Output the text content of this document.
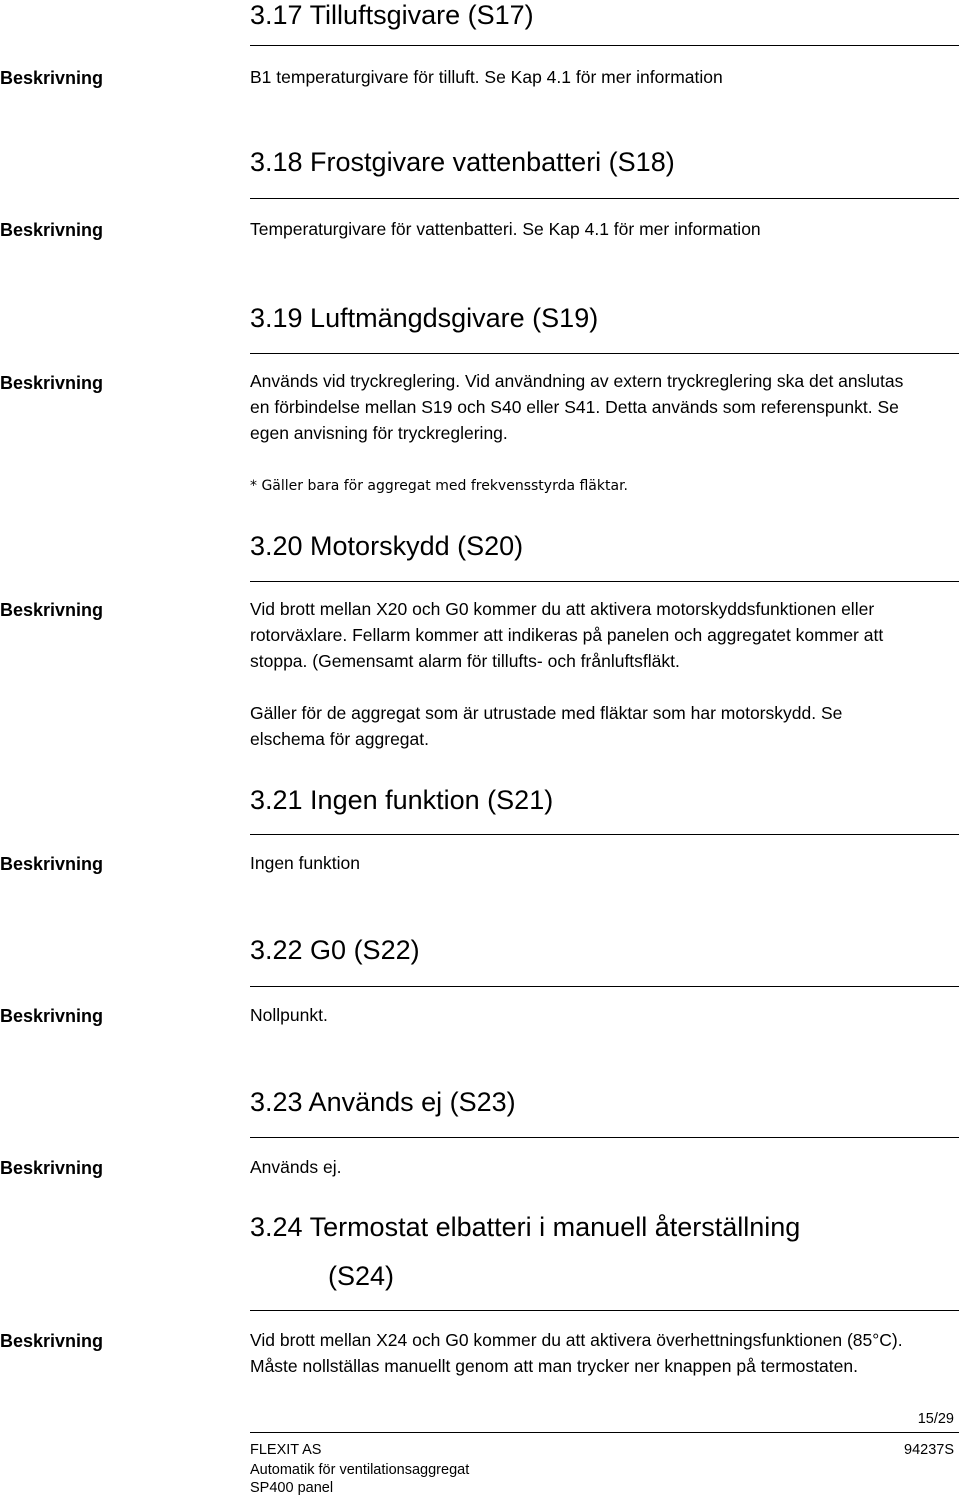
3.17 Tilluftsgivare (S17)
Beskrivning	B1 temperaturgivare för tilluft. Se Kap 4.1 för mer information
3.18 Frostgivare vattenbatteri (S18)
Beskrivning	Temperaturgivare för vattenbatteri. Se Kap 4.1 för mer information
3.19 Luftmängdsgivare (S19)
Beskrivning	Används vid tryckreglering. Vid användning av extern tryckreglering ska det anslutas
en förbindelse mellan S19 och S40 eller S41. Detta används som referenspunkt. Se
egen anvisning för tryckreglering.
* Gäller bara för aggregat med frekvensstyrda fläktar.
3.20 Motorskydd (S20)
Beskrivning	Vid brott mellan X20 och G0 kommer du att aktivera motorskyddsfunktionen eller
rotorväxlare. Fellarm kommer att indikeras på panelen och aggregatet kommer att
stoppa. (Gemensamt alarm för tillufts- och frånluftsfläkt.
Gäller för de aggregat som är utrustade med fläktar som har motorskydd. Se
elschema för aggregat.
3.21 Ingen funktion (S21)
Beskrivning	Ingen funktion
3.22 G0 (S22)
Beskrivning	Nollpunkt.
3.23 Används ej (S23)
Beskrivning	Används ej.
3.24 Termostat elbatteri i manuell återställning
(S24)
Beskrivning	Vid brott mellan X24 och G0 kommer du att aktivera överhettningsfunktionen (85°C).
Måste nollställas manuellt genom att man trycker ner knappen på termostaten.
15/29
FLEXIT AS	94237S
Automatik för ventilationsaggregat
SP400 panel
